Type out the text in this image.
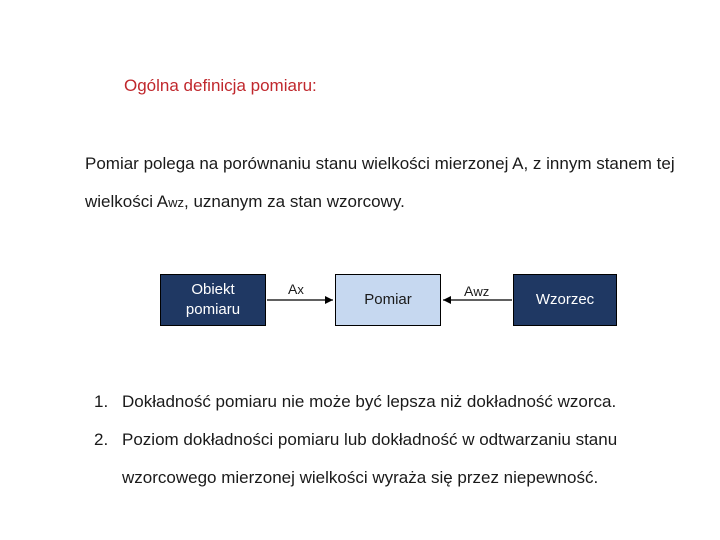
Ogólna definicja pomiaru:
Pomiar polega na porównaniu stanu wielkości mierzonej A, z innym stanem tej wielkości Awz, uznanym za stan wzorcowy.
Obiekt
pomiaru
Pomiar	Wzorzec
Ax	Awz
1. Dokładność pomiaru nie może być lepsza niż dokładność wzorca.
2. Poziom dokładności pomiaru lub dokładność w odtwarzaniu stanu wzorcowego mierzonej wielkości wyraża się przez niepewność.
